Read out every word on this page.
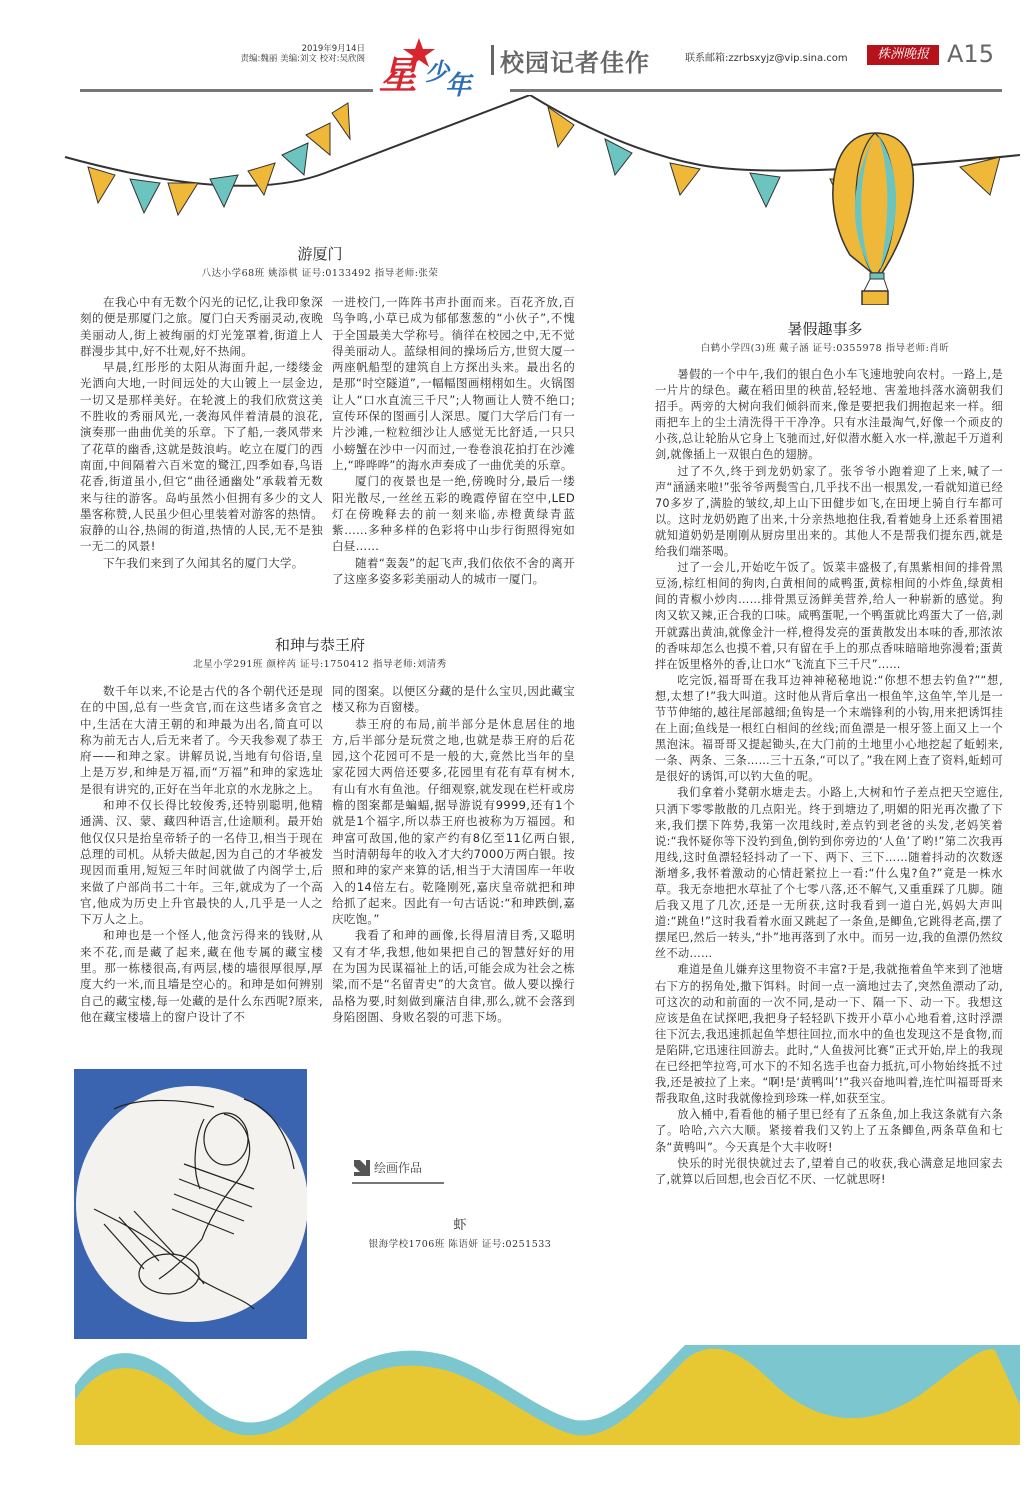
2019年9月14日
责编:魏丽 美编:刘文 校对:吴欣阁 星 少
年
校园记者佳作	联系邮箱:zzrbsxyjz@vip.sina.com	株洲晚报 A15
游厦门
八达小学68班 姚添棋 证号:0133492 指导老师:张荣

在我心中有无数个闪光的记忆,让我印象深刻的便是那厦门之旅。厦门白天秀丽灵动,夜晚美丽动人,街上被绚丽的灯光笼罩着,街道上人群漫步其中,好不壮观,好不热闹。

早晨,红彤彤的太阳从海面升起,一缕缕金光洒向大地,一时间远处的大山镀上一层金边,一切又是那样美好。在轮渡上的我们欣赏这美不胜收的秀丽风光,一袭海风伴着清晨的浪花,演奏那一曲曲优美的乐章。下了船,一袭风带来了花草的幽香,这就是鼓浪屿。屹立在厦门的西南面,中间隔着六百米宽的鹭江,四季如春,鸟语花香,街道虽小,但它“曲径通幽处”承载着无数来与往的游客。岛屿虽然小但拥有多少的文人墨客称赞,人民虽少但心里装着对游客的热情。寂静的山谷,热闹的街道,热情的人民,无不是独一无二的风景!

下午我们来到了久闻其名的厦门大学。

一进校门,一阵阵书声扑面而来。百花齐放,百鸟争鸣,小草已成为郁郁葱葱的“小伙子”,不愧于全国最美大学称号。徜徉在校园之中,无不觉得美丽动人。蓝绿相间的操场后方,世贸大厦一两座帆船型的建筑自上方探出头来。最出名的是那“时空隧道”,一幅幅图画栩栩如生。火锅图让人“口水直流三千尺”;人物画让人赞不绝口;宣传环保的图画引人深思。厦门大学后门有一片沙滩,一粒粒细沙让人感觉无比舒适,一只只小螃蟹在沙中一闪而过,一卷卷浪花拍打在沙滩上,“哗哗哗”的海水声奏成了一曲优美的乐章。

厦门的夜景也是一绝,傍晚时分,最后一缕阳光散尽,一丝丝五彩的晚霞停留在空中,LED灯在傍晚释去的前一刻来临,赤橙黄绿青蓝紫……多种多样的色彩将中山步行街照得宛如白昼……

随着“轰轰”的起飞声,我们依依不舍的离开了这座多姿多彩美丽动人的城市一厦门。

和珅与恭王府
北星小学291班 颜梓芮 证号:1750412 指导老师:刘清秀

数千年以来,不论是古代的各个朝代还是现在的中国,总有一些贪官,而在这些诸多贪官之中,生活在大清王朝的和珅最为出名,简直可以称为前无古人,后无来者了。今天我参观了恭王府——和珅之家。讲解员说,当地有句俗语,皇上是万岁,和绅是万福,而“万福”和珅的家选址是很有讲究的,正好在当年北京的水龙脉之上。

和珅不仅长得比较俊秀,还特别聪明,他精通满、汉、蒙、藏四种语言,仕途顺利。最开始他仅仅只是抬皇帝轿子的一名侍卫,相当于现在总理的司机。从轿夫做起,因为自己的才华被发现因而重用,短短三年时间就做了内阁学士,后来做了户部尚书二十年。三年,就成为了一个高官,他成为历史上升官最快的人,几乎是一人之下万人之上。

和珅也是一个怪人,他贪污得来的钱财,从来不花,而是藏了起来,藏在他专属的藏宝楼里。那一栋楼很高,有两层,楼的墙很厚很厚,厚度大约一米,而且墙是空心的。和珅是如何辨别自己的藏宝楼,每一处藏的是什么东西呢?原来,他在藏宝楼墙上的窗户设计了不

同的图案。以便区分藏的是什么宝贝,因此藏宝楼又称为百窗楼。

恭王府的布局,前半部分是休息居住的地方,后半部分是玩赏之地,也就是恭王府的后花园,这个花园可不是一般的大,竟然比当年的皇家花园大两倍还要多,花园里有花有草有树木,有山有水有鱼池。仔细观察,就发现在栏杆或房檐的图案都是蝙蝠,据导游说有9999,还有1个就是1个福字,所以恭王府也被称为万福园。和珅富可敌国,他的家产约有8亿至11亿两白银,当时清朝每年的收入才大约7000万两白银。按照和珅的家产来算的话,相当于大清国库一年收入的14倍左右。乾隆刚死,嘉庆皇帝就把和珅给抓了起来。因此有一句古话说:“和珅跌倒,嘉庆吃饱。”

我看了和珅的画像,长得眉清目秀,又聪明又有才华,我想,他如果把自己的智慧好好的用在为国为民谋福祉上的话,可能会成为社会之栋梁,而不是“名留青史”的大贪官。做人要以操行品格为要,时刻做到廉洁自律,那么,就不会落到身陷囹圄、身败名裂的可悲下场。

暑假趣事多
白鹤小学四(3)班 戴子涵 证号:0355978 指导老师:肖昕

暑假的一个中午,我们的银白色小车飞速地驶向农村。一路上,是一片片的绿色。藏在稻田里的秧苗,轻轻地、害羞地抖落水滴朝我们招手。两旁的大树向我们倾斜而来,像是要把我们拥抱起来一样。细雨把车上的尘土清洗得干干净净。只有水洼最淘气,好像一个顽皮的小孩,总让轮胎从它身上飞驰而过,好似潜水艇入水一样,激起千万道利剑,就像插上一双银白色的翅膀。

过了不久,终于到龙奶奶家了。张爷爷小跑着迎了上来,喊了一声“涵涵来啦!”张爷爷两鬓雪白,几乎找不出一根黑发,一看就知道已经70多岁了,满脸的皱纹,却上山下田健步如飞,在田埂上骑自行车都可以。这时龙奶奶跑了出来,十分亲热地抱住我,看着她身上还系着围裙就知道奶奶是刚刚从厨房里出来的。其他人不是帮我们提东西,就是给我们端茶喝。

过了一会儿,开始吃午饭了。饭菜丰盛极了,有黑紫相间的排骨黑豆汤,棕红相间的狗肉,白黄相间的咸鸭蛋,黄棕相间的小炸鱼,绿黄相间的青椒小炒肉……排骨黑豆汤鲜美营养,给人一种崭新的感觉。狗肉又软又辣,正合我的口味。咸鸭蛋呢,一个鸭蛋就比鸡蛋大了一倍,剥开就露出黄油,就像金汁一样,橙得发亮的蛋黄散发出本味的香,那浓浓的香味却怎么也摸不着,只有留在手上的那点香味暗暗地弥漫着;蛋黄拌在饭里格外的香,让口水“飞流直下三千尺”……

吃完饭,福哥哥在我耳边神神秘秘地说:“你想不想去钓鱼?”“想,想,太想了!”我大叫道。这时他从背后拿出一根鱼竿,这鱼竿,竿儿是一节节伸缩的,越往尾部越细;鱼钩是一个末端锋利的小钩,用来把诱饵挂在上面;鱼线是一根红白相间的丝线;而鱼漂是一根牙签上面又上一个黑泡沫。福哥哥又提起锄头,在大门前的土地里小心地挖起了蚯蚓来,一条、两条、三条……三十五条,“可以了。”我在网上查了资料,蚯蚓可是很好的诱饵,可以钓大鱼的呢。

我们拿着小凳朝水塘走去。小路上,大树和竹子差点把天空遮住,只洒下零零散散的几点阳光。终于到塘边了,明媚的阳光再次撒了下来,我们摆下阵势,我第一次甩线时,差点钓到老爸的头发,老妈笑着说:“我怀疑你等下没钓到鱼,倒钓到你旁边的‘人鱼’了哟!”第二次我再甩线,这时鱼漂轻轻抖动了一下、两下、三下……随着抖动的次数逐渐增多,我怀着激动的心情赶紧拉上一看:“什么鬼?鱼?”竟是一株水草。我无奈地把水草扯了个七零八落,还不解气,又重重踩了几脚。随后我又甩了几次,还是一无所获,这时我看到一道白光,妈妈大声叫道:“跳鱼!”这时我看着水面又跳起了一条鱼,是鲫鱼,它跳得老高,摆了摆尾巴,然后一转头,“扑”地再落到了水中。而另一边,我的鱼漂仍然纹丝不动……

难道是鱼儿嫌弃这里物资不丰富?于是,我就拖着鱼竿来到了池塘右下方的拐角处,撒下饵料。时间一点一滴地过去了,突然鱼漂动了动,可这次的动和前面的一次不同,是动一下、隔一下、动一下。我想这应该是鱼在试探吧,我把身子轻轻趴下拨开小草小心地看着,这时浮漂往下沉去,我迅速抓起鱼竿想往回拉,而水中的鱼也发现这不是食物,而是陷阱,它迅速往回游去。此时,“人鱼拔河比赛”正式开始,岸上的我现在已经把竿拉弯,可水下的不知名选手也奋力抵抗,可小物始终抵不过我,还是被拉了上来。“啊!是‘黄鸭叫’!”我兴奋地叫着,连忙叫福哥哥来帮我取鱼,这时我就像捡到珍珠一样,如获至宝。

放入桶中,看看他的桶子里已经有了五条鱼,加上我这条就有六条了。哈哈,六六大顺。紧接着我们又钓上了五条鲫鱼,两条草鱼和七条“黄鸭叫”。今天真是个大丰收呀!

快乐的时光很快就过去了,望着自己的收获,我心满意足地回家去了,就算以后回想,也会百忆不厌、一忆就思呀!

绘画作品
虾
银海学校1706班 陈语妍 证号:0251533
